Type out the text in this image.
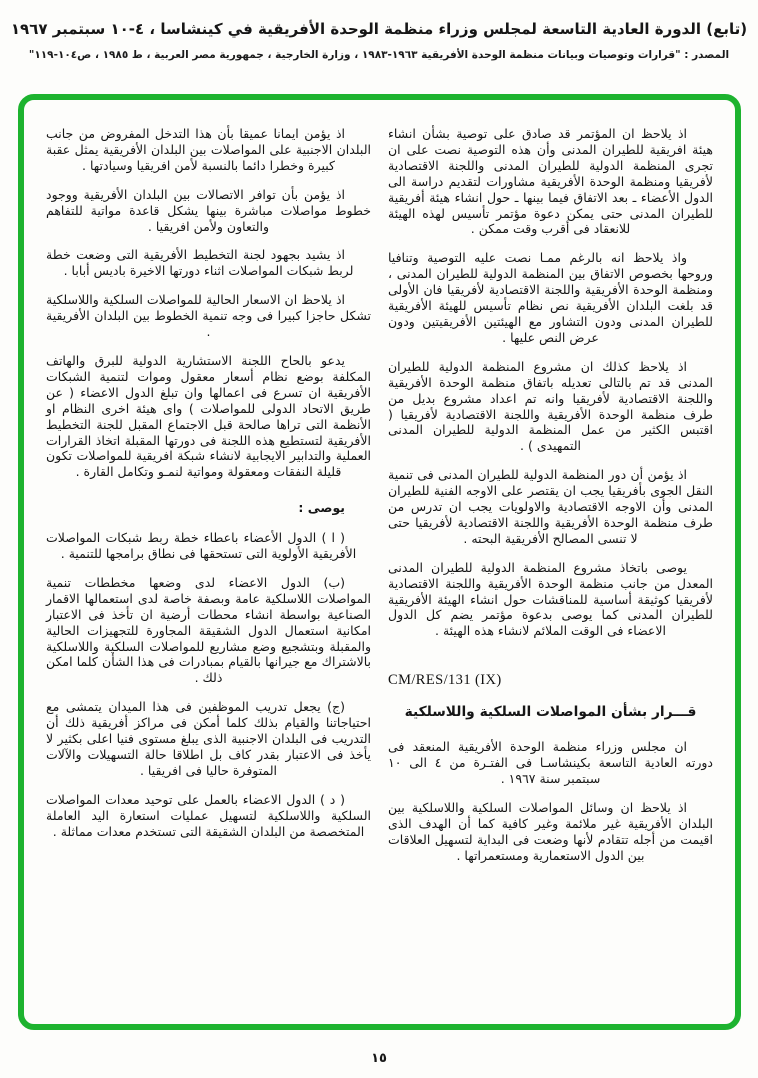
(تابع) الدورة العادية التاسعة لمجلس وزراء منظمة الوحدة الأفريقية في كينشاسا ، ٤-١٠ سبتمبر ١٩٦٧
المصدر : "قرارات وتوصيات وبيانات منظمة الوحدة الأفريقية ١٩٦٣-١٩٨٣ ، وزارة الخارجية ، جمهورية مصر العربية ، ط ١٩٨٥ ، ص١٠٤-١١٩"

اذ يلاحظ ان المؤتمر قد صادق على توصية بشأن انشاء هيئة افريقية للطيران المدنى وأن هذه التوصية نصت على ان تجرى المنظمة الدولية للطيران المدنى واللجنة الاقتصادية لأفريقيا ومنظمة الوحدة الأفريقية مشاورات لتقديم دراسة الى الدول الأعضاء ـ بعد الاتفاق فيما بينها ـ حول انشاء هيئة أفريقية للطيران المدنى حتى يمكن دعوة مؤتمر تأسيس لهذه الهيئة للانعقاد فى أقرب وقت ممكن .

واذ يلاحظ انه بالرغم ممـا نصت عليه التوصية وتنافيا وروحها بخصوص الاتفاق بين المنظمة الدولية للطيران المدنى ، ومنظمة الوحدة الأفريقية واللجنة الاقتصادية لأفريقيا فان الأولى قد بلغت البلدان الأفريقية نص نظام تأسيس للهيئة الأفريقية للطيران المدنى ودون التشاور مع الهيئتين الأفريقيتين ودون عرض النص عليها .

اذ يلاحظ كذلك ان مشروع المنظمة الدولية للطيران المدنى قد تم بالتالى تعديله باتفاق منظمة الوحدة الأفريقية واللجنة الاقتصادية لأفريقيا وانه تم اعداد مشروع بديل من طرف منظمة الوحدة الأفريقية واللجنة الاقتصادية لأفريقيا ( اقتبس الكثير من عمل المنظمة الدولية للطيران المدنى التمهيدى ) .

اذ يؤمن أن دور المنظمة الدولية للطيران المدنى فى تنمية النقل الجوى بأفريقيا يجب ان يقتصر على الاوجه الفنية للطيران المدنى وأن الاوجه الاقتصادية والاولويات يجب ان تدرس من طرف منظمة الوحدة الأفريقية واللجنة الاقتصادية لأفريقيا حتى لا تنسى المصالح الأفريقية البحته .

يوصى باتخاذ مشروع المنظمة الدولية للطيران المدنى المعدل من جانب منظمة الوحدة الأفريقية واللجنة الاقتصادية لأفريقيا كوثيقة أساسية للمناقشات حول انشاء الهيئة الأفريقية للطيران المدنى كما يوصى بدعوة مؤتمر يضم كل الدول الاعضاء فى الوقت الملائم لانشاء هذه الهيئة .

CM/RES/131 (IX)

قـــرار بشأن المواصلات السلكية واللاسلكية

ان مجلس وزراء منظمة الوحدة الأفريقية المنعقد فى دورته العادية التاسعة بكينشاسـا فى الفتـرة من ٤ الى ١٠ سبتمبر سنة ١٩٦٧ .

اذ يلاحظ ان وسائل المواصلات السلكية واللاسلكية بين البلدان الأفريقية غير ملائمة وغير كافية كما أن الهدف الذى اقيمت من أجله تتقادم لأنها وضعت فى البداية لتسهيل العلاقات بين الدول الاستعمارية ومستعمراتها .

اذ يؤمن ايمانا عميقا بأن هذا التدخل المفروض من جانب البلدان الاجنبية على المواصلات بين البلدان الأفريقية يمثل عقبة كبيرة وخطرا دائما بالنسبة لأمن افريقيا وسيادتها .

اذ يؤمن بأن توافر الاتصالات بين البلدان الأفريقية ووجود خطوط مواصلات مباشرة بينها يشكل قاعدة مواتية للتفاهم والتعاون ولأمن افريقيا .

اذ يشيد بجهود لجنة التخطيط الأفريقية التى وضعت خطة لربط شبكات المواصلات اثناء دورتها الاخيرة باديس أبابا .

اذ يلاحظ ان الاسعار الحالية للمواصلات السلكية واللاسلكية تشكل حاجزا كبيرا فى وجه تنمية الخطوط بين البلدان الأفريقية .

يدعو بالحاح اللجنة الاستشارية الدولية للبرق والهاتف المكلفة بوضع نظام أسعار معقول وموات لتنمية الشبكات الأفريقية ان تسرع فى اعمالها وان تبلغ الدول الاعضاء ( عن طريق الاتحاد الدولى للمواصلات ) واى هيئة اخرى النظام او الأنظمة التى تراها صالحة قبل الاجتماع المقبل للجنة التخطيط الأفريقية لتستطيع هذه اللجنة فى دورتها المقبلة اتخاذ القرارات العملية والتدابير الايجابية لانشاء شبكة افريقية للمواصلات تكون قليلة النفقات ومعقولة ومواتية لنمـو وتكامل القارة .

يوصى :

( ا ) الدول الأعضاء باعطاء خطة ربط شبكات المواصلات الأفريقية الأولوية التى تستحقها فى نطاق برامجها للتنمية .

(ب) الدول الاعضاء لدى وضعها مخططات تنمية المواصلات اللاسلكية عامة وبصفة خاصة لدى استعمالها الاقمار الصناعية بواسطة انشاء محطات أرضية ان تأخذ فى الاعتبار امكانية استعمال الدول الشقيقة المجاورة للتجهيزات الحالية والمقبلة وبتشجيع وضع مشاريع للمواصلات السلكية واللاسلكية بالاشتراك مع جيرانها بالقيام بمبادرات فى هذا الشأن كلما امكن ذلك .

(ج) يجعل تدريب الموظفين فى هذا الميدان يتمشى مع احتياجاتنا والقيام بذلك كلما أمكن فى مراكز أفريقية ذلك أن التدريب فى البلدان الاجنبية الذى يبلغ مستوى فنيا اعلى بكثير لا يأخذ فى الاعتبار بقدر كاف بل اطلاقا حالة التسهيلات والآلات المتوفرة حاليا فى افريقيا .

( د ) الدول الاعضاء بالعمل على توحيد معدات المواصلات السلكية واللاسلكية لتسهيل عمليات استعارة اليد العاملة المتخصصة من البلدان الشقيقة التى تستخدم معدات مماثلة .

١٥
